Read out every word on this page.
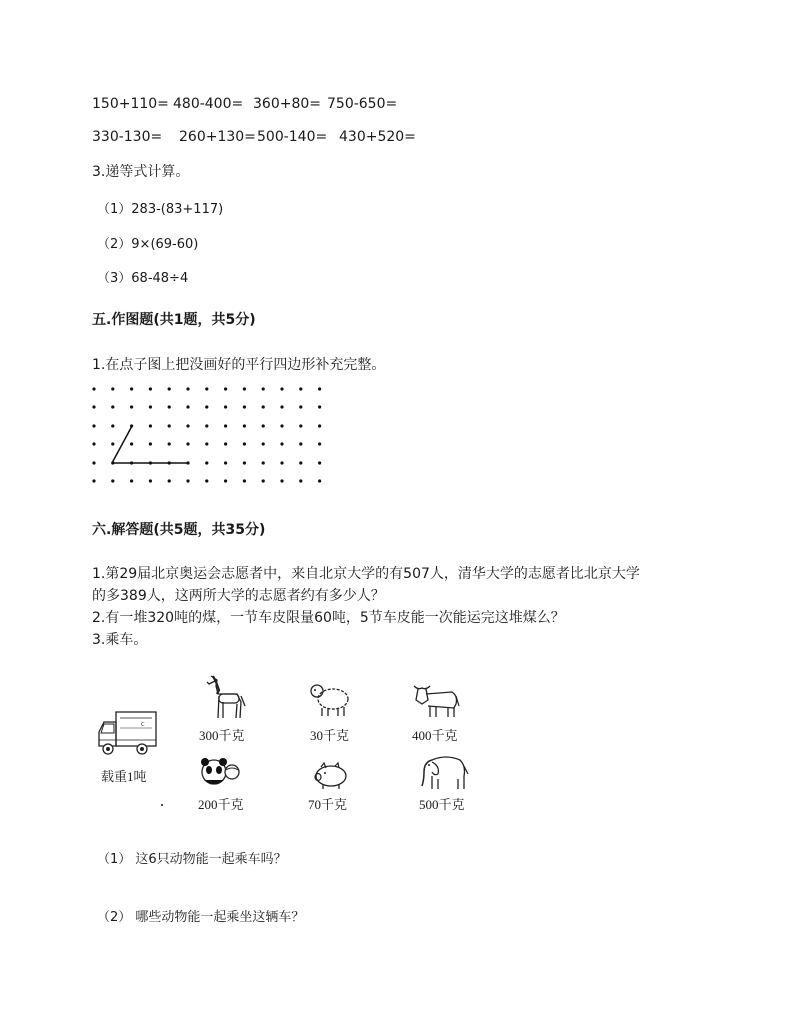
150+110= 480-400= 360+80= 750-650=
330-130= 260+130= 500-140= 430+520=
3.递等式计算。
（1）283-(83+117)
（2）9×(69-60)
（3）68-48÷4
五.作图题(共1题，共5分)
1.在点子图上把没画好的平行四边形补充完整。
六.解答题(共5题，共35分)
1.第29届北京奥运会志愿者中，来自北京大学的有507人，清华大学的志愿者比北京大学
的多389人，这两所大学的志愿者约有多少人？
2.有一堆320吨的煤，一节车皮限量60吨，5节车皮能一次能运完这堆煤么？
3.乘车。
C
载重1吨
300千克	30千克	400千克
200千克	70千克	500千克
（1） 这6只动物能一起乘车吗？
（2） 哪些动物能一起乘坐这辆车？
